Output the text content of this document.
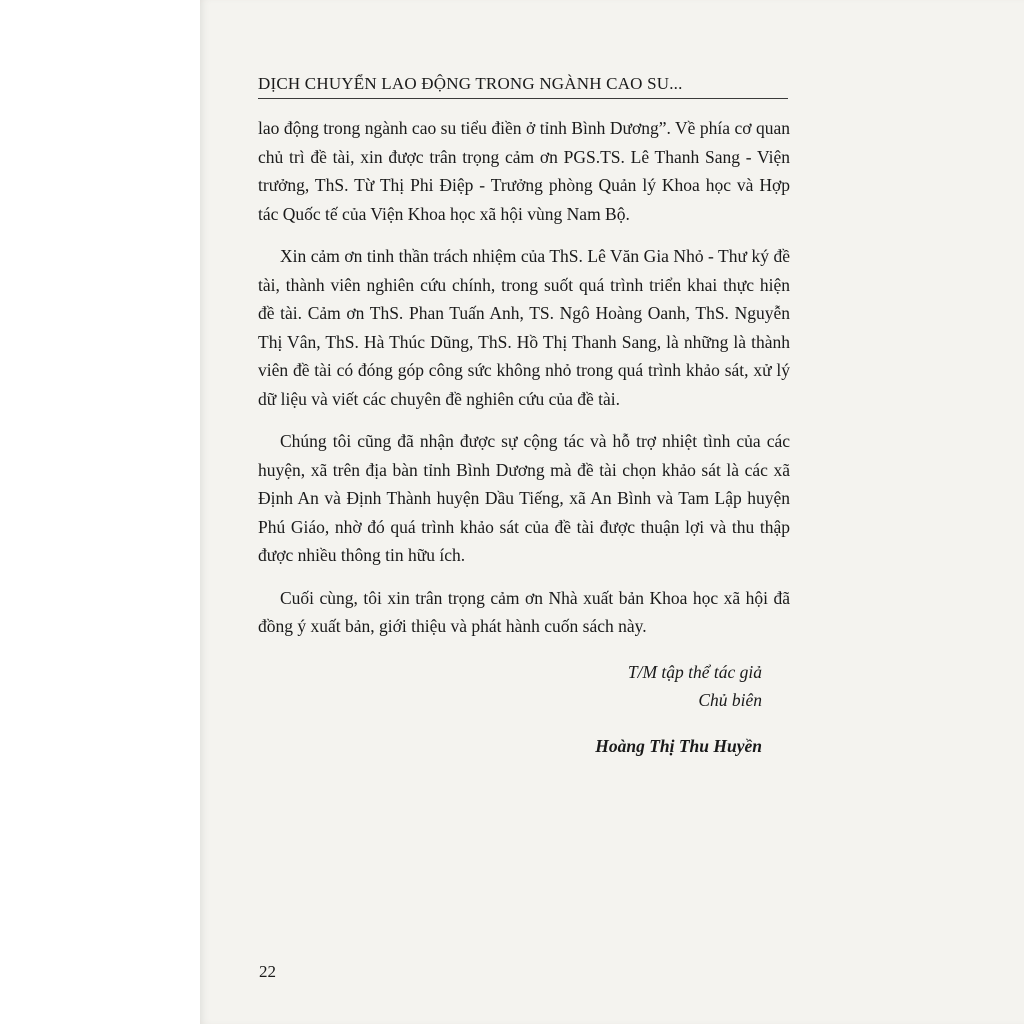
DỊCH CHUYỂN LAO ĐỘNG TRONG NGÀNH CAO SU...

lao động trong ngành cao su tiểu điền ở tỉnh Bình Dương”. Về phía cơ quan chủ trì đề tài, xin được trân trọng cảm ơn PGS.TS. Lê Thanh Sang - Viện trưởng, ThS. Từ Thị Phi Điệp - Trưởng phòng Quản lý Khoa học và Hợp tác Quốc tế của Viện Khoa học xã hội vùng Nam Bộ.

Xin cảm ơn tinh thần trách nhiệm của ThS. Lê Văn Gia Nhỏ - Thư ký đề tài, thành viên nghiên cứu chính, trong suốt quá trình triển khai thực hiện đề tài. Cảm ơn ThS. Phan Tuấn Anh, TS. Ngô Hoàng Oanh, ThS. Nguyễn Thị Vân, ThS. Hà Thúc Dũng, ThS. Hồ Thị Thanh Sang, là những là thành viên đề tài có đóng góp công sức không nhỏ trong quá trình khảo sát, xử lý dữ liệu và viết các chuyên đề nghiên cứu của đề tài.

Chúng tôi cũng đã nhận được sự cộng tác và hỗ trợ nhiệt tình của các huyện, xã trên địa bàn tỉnh Bình Dương mà đề tài chọn khảo sát là các xã Định An và Định Thành huyện Dầu Tiếng, xã An Bình và Tam Lập huyện Phú Giáo, nhờ đó quá trình khảo sát của đề tài được thuận lợi và thu thập được nhiều thông tin hữu ích.

Cuối cùng, tôi xin trân trọng cảm ơn Nhà xuất bản Khoa học xã hội đã đồng ý xuất bản, giới thiệu và phát hành cuốn sách này.

T/M tập thể tác giả
Chủ biên
Hoàng Thị Thu Huyền
22
